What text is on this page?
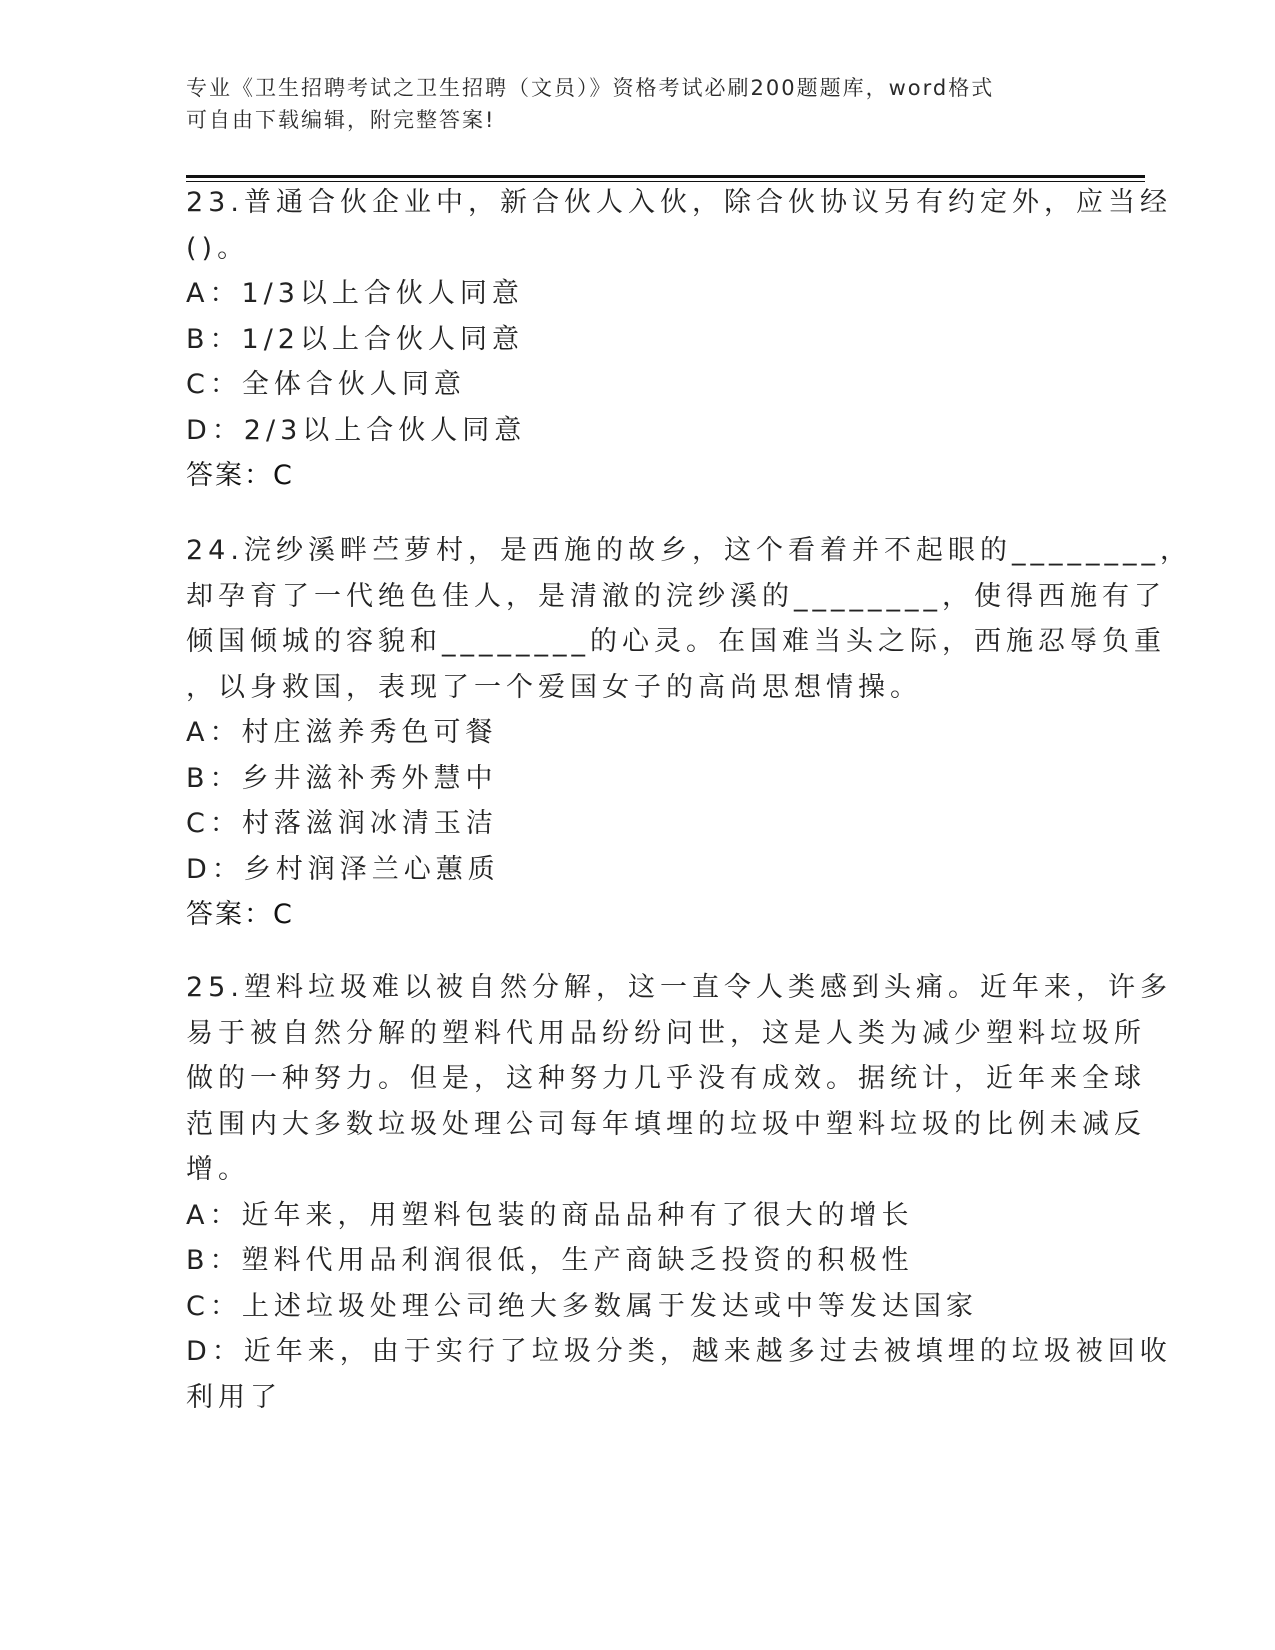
专业《卫生招聘考试之卫生招聘（文员）》资格考试必刷200题题库，word格式
可自由下载编辑，附完整答案!
23.普通合伙企业中，新合伙人入伙，除合伙协议另有约定外，应当经
()。
A：1/3以上合伙人同意
B：1/2以上合伙人同意
C：全体合伙人同意
D：2/3以上合伙人同意
答案：C
24.浣纱溪畔苎萝村，是西施的故乡，这个看着并不起眼的________，
却孕育了一代绝色佳人，是清澈的浣纱溪的________，使得西施有了
倾国倾城的容貌和________的心灵。在国难当头之际，西施忍辱负重
，以身救国，表现了一个爱国女子的高尚思想情操。
A：村庄滋养秀色可餐
B：乡井滋补秀外慧中
C：村落滋润冰清玉洁
D：乡村润泽兰心蕙质
答案：C
25.塑料垃圾难以被自然分解，这一直令人类感到头痛。近年来，许多
易于被自然分解的塑料代用品纷纷问世，这是人类为减少塑料垃圾所
做的一种努力。但是，这种努力几乎没有成效。据统计，近年来全球
范围内大多数垃圾处理公司每年填埋的垃圾中塑料垃圾的比例未减反
增。
A：近年来，用塑料包装的商品品种有了很大的增长
B：塑料代用品利润很低，生产商缺乏投资的积极性
C：上述垃圾处理公司绝大多数属于发达或中等发达国家
D：近年来，由于实行了垃圾分类，越来越多过去被填埋的垃圾被回收
利用了
